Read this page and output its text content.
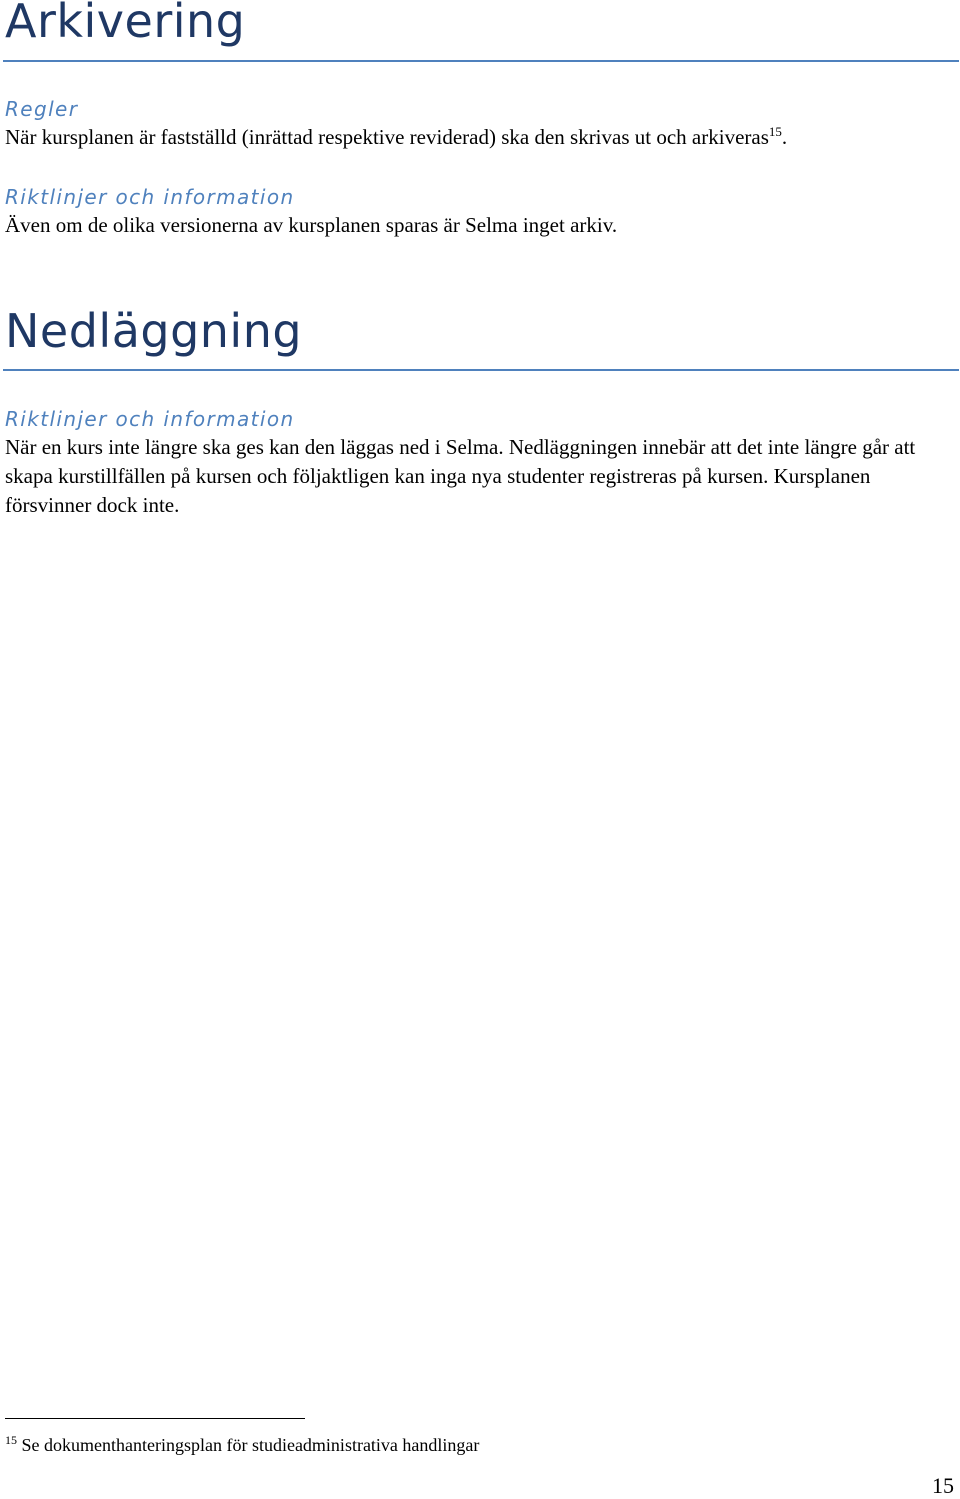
Arkivering
Regler
När kursplanen är fastställd (inrättad respektive reviderad) ska den skrivas ut och arkiveras$^{15}$.
Riktlinjer och information
Även om de olika versionerna av kursplanen sparas är Selma inget arkiv.
Nedläggning
Riktlinjer och information
När en kurs inte längre ska ges kan den läggas ned i Selma. Nedläggningen innebär att det inte längre går att skapa kurstillfällen på kursen och följaktligen kan inga nya studenter registreras på kursen. Kursplanen försvinner dock inte.
$^{15}$ Se dokumenthanteringsplan för studieadministrativa handlingar
15
